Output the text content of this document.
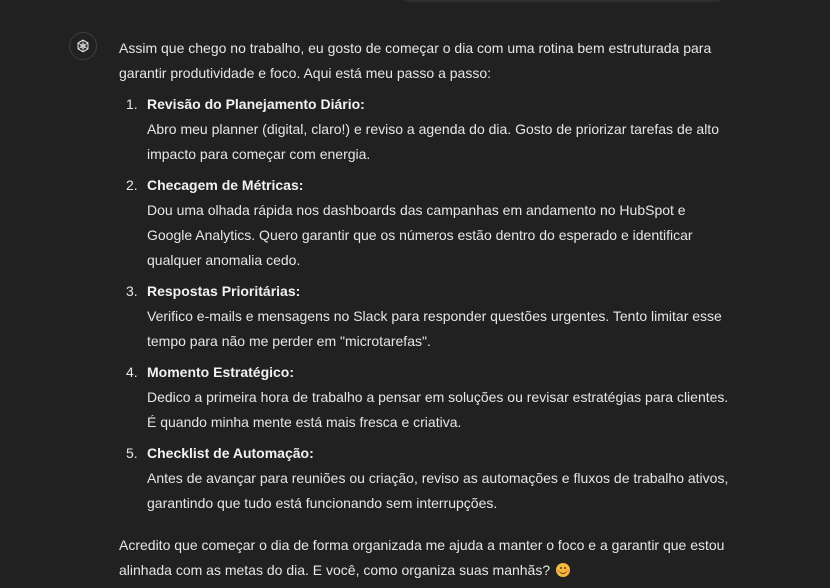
Assim que chego no trabalho, eu gosto de começar o dia com uma rotina bem estruturada para garantir produtividade e foco. Aqui está meu passo a passo:

1. Revisão do Planejamento Diário:
Abro meu planner (digital, claro!) e reviso a agenda do dia. Gosto de priorizar tarefas de alto impacto para começar com energia.
2. Checagem de Métricas:
Dou uma olhada rápida nos dashboards das campanhas em andamento no HubSpot e Google Analytics. Quero garantir que os números estão dentro do esperado e identificar qualquer anomalia cedo.
3. Respostas Prioritárias:
Verifico e-mails e mensagens no Slack para responder questões urgentes. Tento limitar esse tempo para não me perder em "microtarefas".
4. Momento Estratégico:
Dedico a primeira hora de trabalho a pensar em soluções ou revisar estratégias para clientes. É quando minha mente está mais fresca e criativa.
5. Checklist de Automação:
Antes de avançar para reuniões ou criação, reviso as automações e fluxos de trabalho ativos, garantindo que tudo está funcionando sem interrupções.

Acredito que começar o dia de forma organizada me ajuda a manter o foco e a garantir que estou alinhada com as metas do dia. E você, como organiza suas manhãs?
